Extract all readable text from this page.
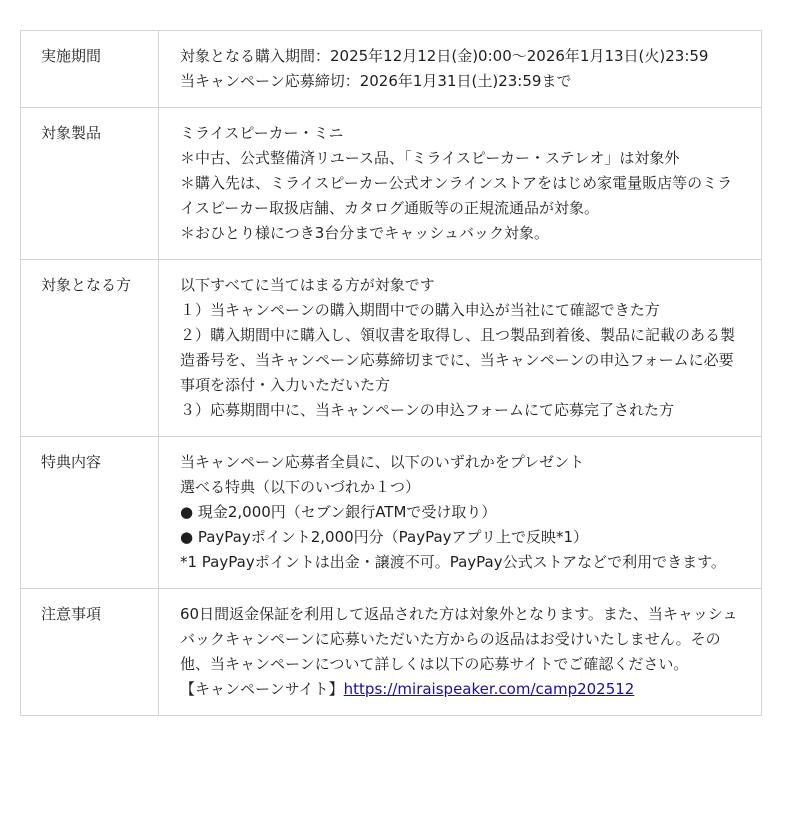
実施期間	対象となる購入期間：2025年12月12日(金)0:00〜2026年1月13日(火)23:59
当キャンペーン応募締切：2026年1月31日(土)23:59まで

対象製品	ミライスピーカー・ミニ
＊中古、公式整備済リユース品、「ミライスピーカー・ステレオ」は対象外
＊購入先は、ミライスピーカー公式オンラインストアをはじめ家電量販店等のミライスピーカー取扱店舗、カタログ通販等の正規流通品が対象。
＊おひとり様につき3台分までキャッシュバック対象。

対象となる方	以下すべてに当てはまる方が対象です
１）当キャンペーンの購入期間中での購入申込が当社にて確認できた方
２）購入期間中に購入し、領収書を取得し、且つ製品到着後、製品に記載のある製造番号を、当キャンペーン応募締切までに、当キャンペーンの申込フォームに必要事項を添付・入力いただいた方
３）応募期間中に、当キャンペーンの申込フォームにて応募完了された方

特典内容	当キャンペーン応募者全員に、以下のいずれかをプレゼント
選べる特典（以下のいづれか１つ）
● 現金2,000円（セブン銀行ATMで受け取り）
● PayPayポイント2,000円分（PayPayアプリ上で反映*1）
*1 PayPayポイントは出金・譲渡不可。PayPay公式ストアなどで利用できます。

注意事項	60日間返金保証を利用して返品された方は対象外となります。また、当キャッシュバックキャンペーンに応募いただいた方からの返品はお受けいたしません。その他、当キャンペーンについて詳しくは以下の応募サイトでご確認ください。
【キャンペーンサイト】https://miraispeaker.com/camp202512
